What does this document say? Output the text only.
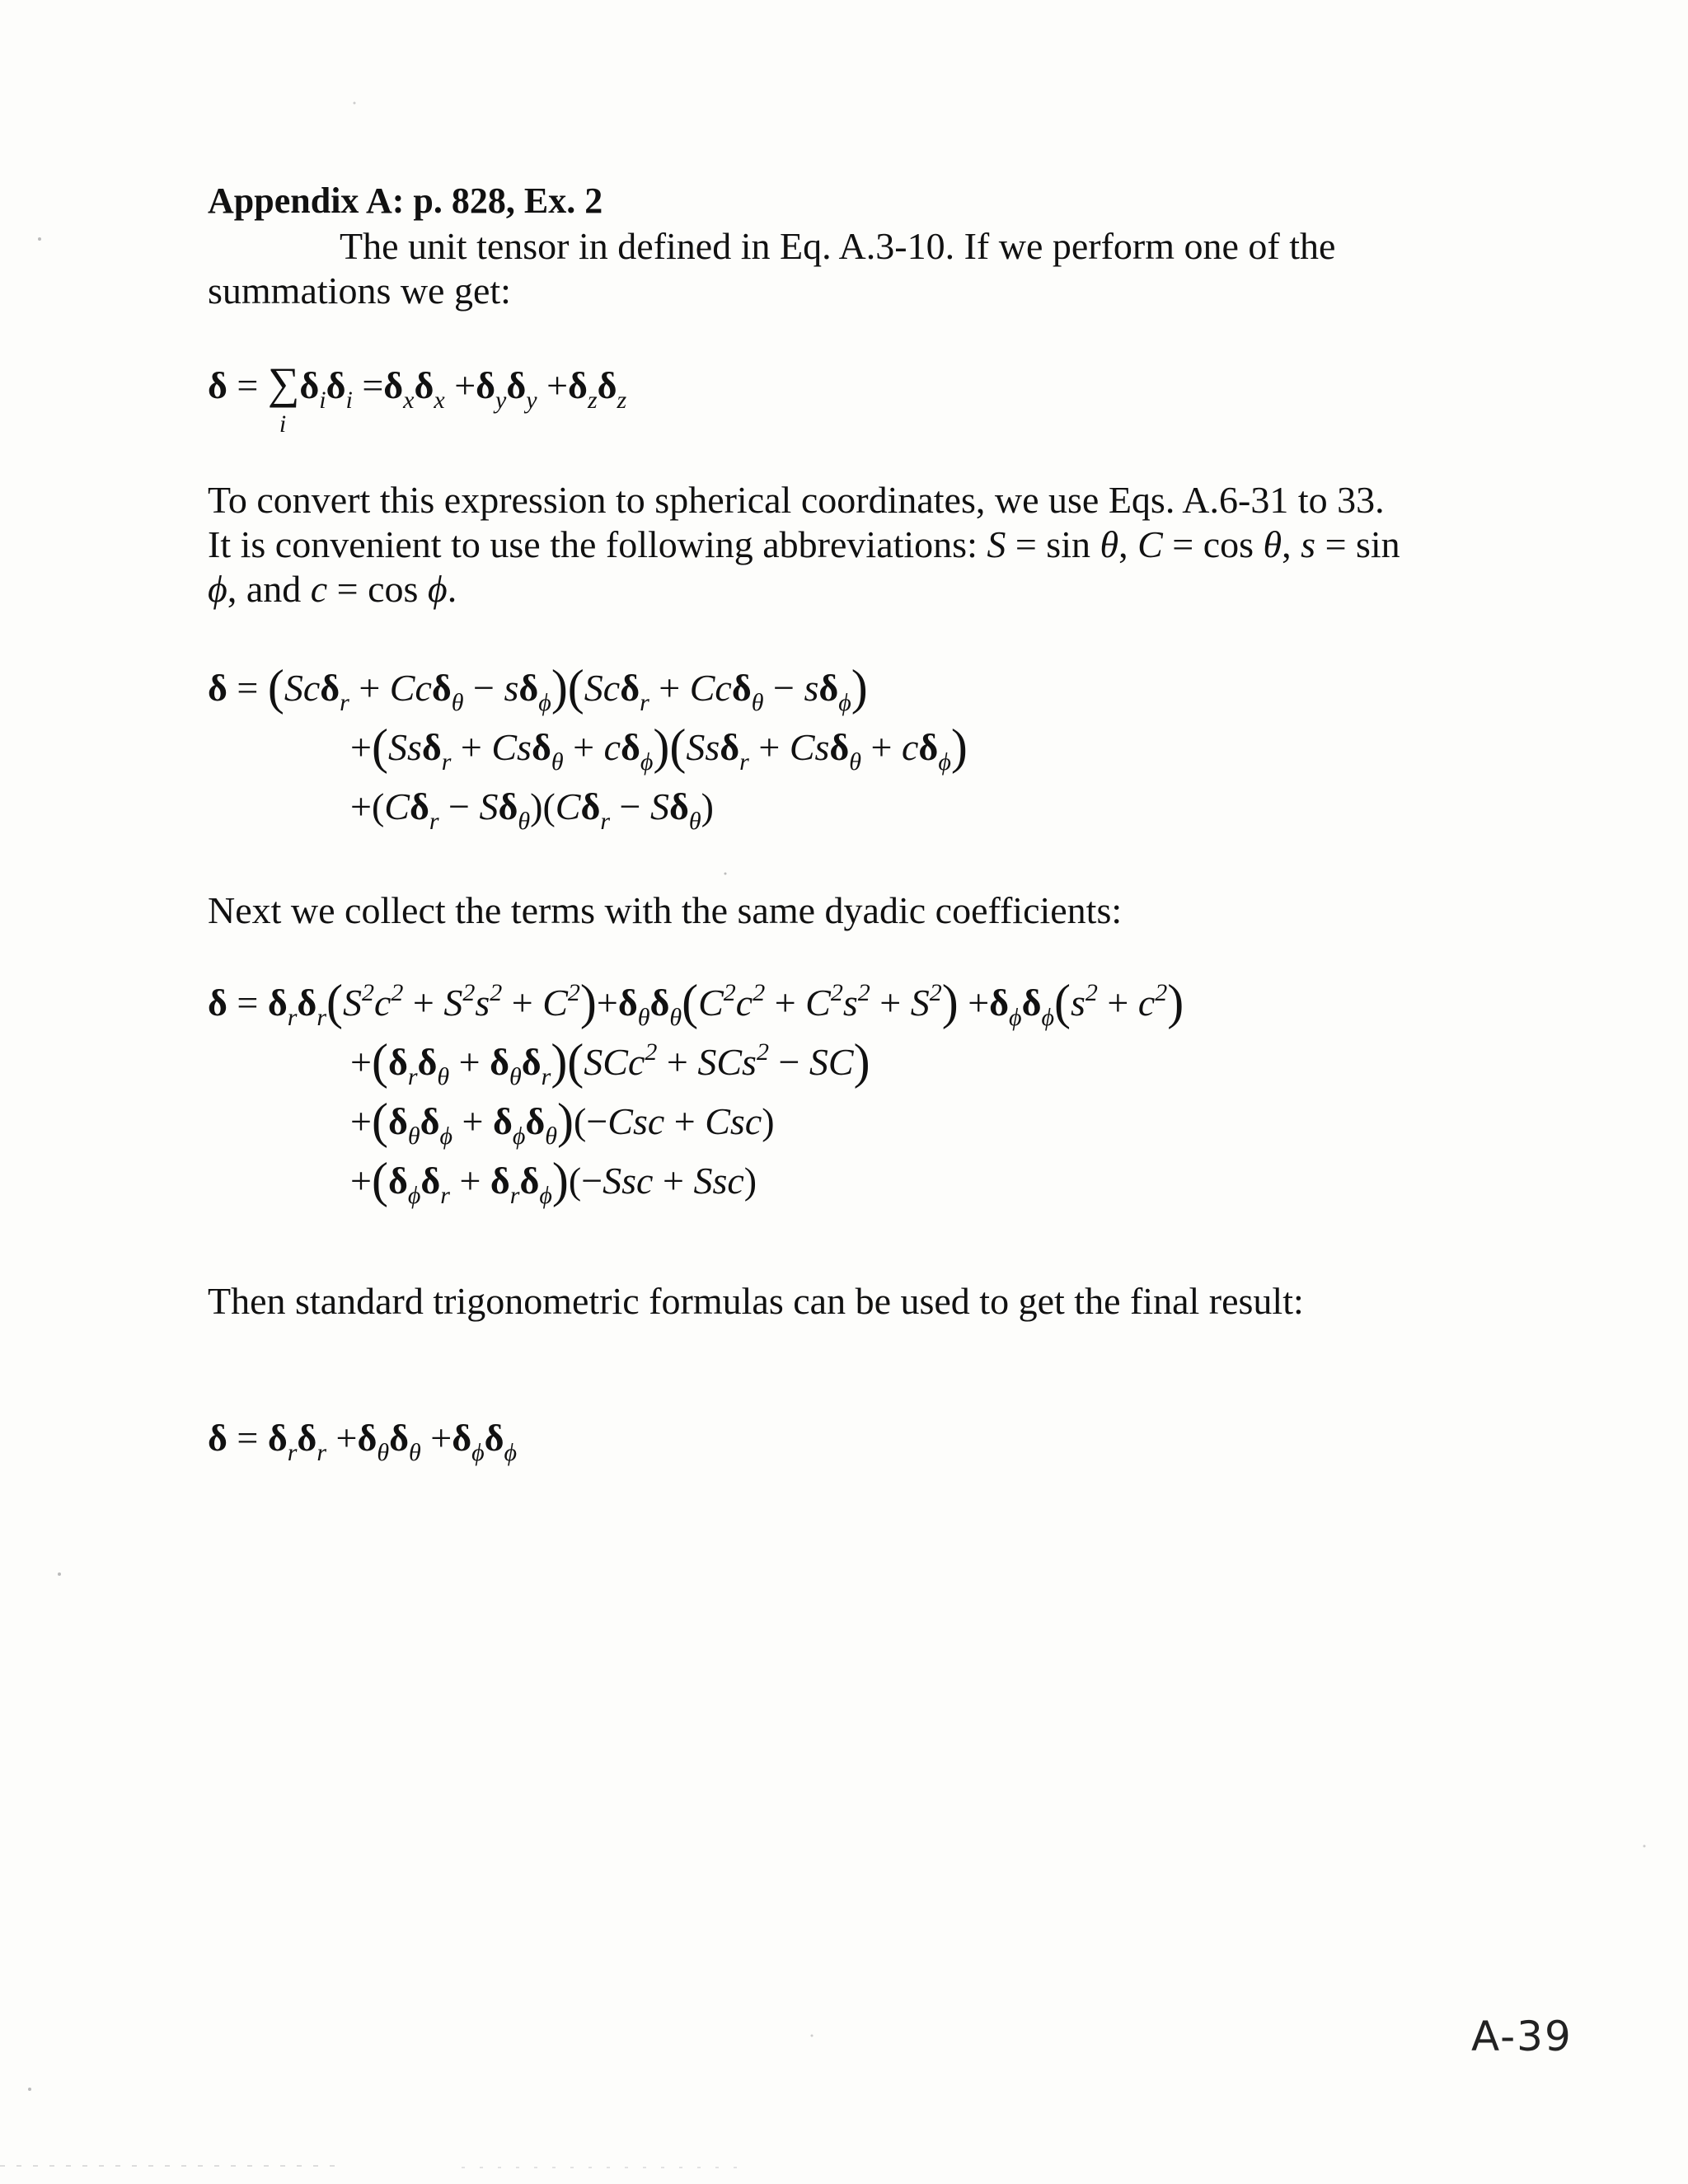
Appendix A: p. 828, Ex. 2
The unit tensor in defined in Eq. A.3-10. If we perform one of the summations we get:
δ = ∑
i
$\delta_i\delta_i =\delta_x\delta_x +\delta_y\delta_y +\delta_z\delta_z$
To convert this expression to spherical coordinates, we use Eqs. A.6-31 to 33. It is convenient to use the following abbreviations: S = sin θ, C = cos θ, s = sin ϕ, and c = cos ϕ.
$\delta = (Sc\delta_r + Cc\delta_\theta - s\delta_\phi)(Sc\delta_r + Cc\delta_\theta - s\delta_\phi)$
$+(Ss\delta_r + Cs\delta_\theta + c\delta_\phi)(Ss\delta_r + Cs\delta_\theta + c\delta_\phi)$
$+(C\delta_r - S\delta_\theta)(C\delta_r - S\delta_\theta)$
Next we collect the terms with the same dyadic coefficients:
$\delta = \delta_r\delta_r(S^2c^2 + S^2s^2 + C^2)+\delta_\theta\delta_\theta(C^2c^2 + C^2s^2 + S^2) +\delta_\phi\delta_\phi(s^2 + c^2)$
$+(\delta_r\delta_\theta + \delta_\theta\delta_r)(SCc^2 + SCs^2 - SC)$
$+(\delta_\theta\delta_\phi + \delta_\phi\delta_\theta)(-Csc + Csc)$
$+(\delta_\phi\delta_r + \delta_r\delta_\phi)(-Ssc + Ssc)$
Then standard trigonometric formulas can be used to get the final result:
$\delta = \delta_r\delta_r +\delta_\theta\delta_\theta +\delta_\phi\delta_\phi$
A-39
